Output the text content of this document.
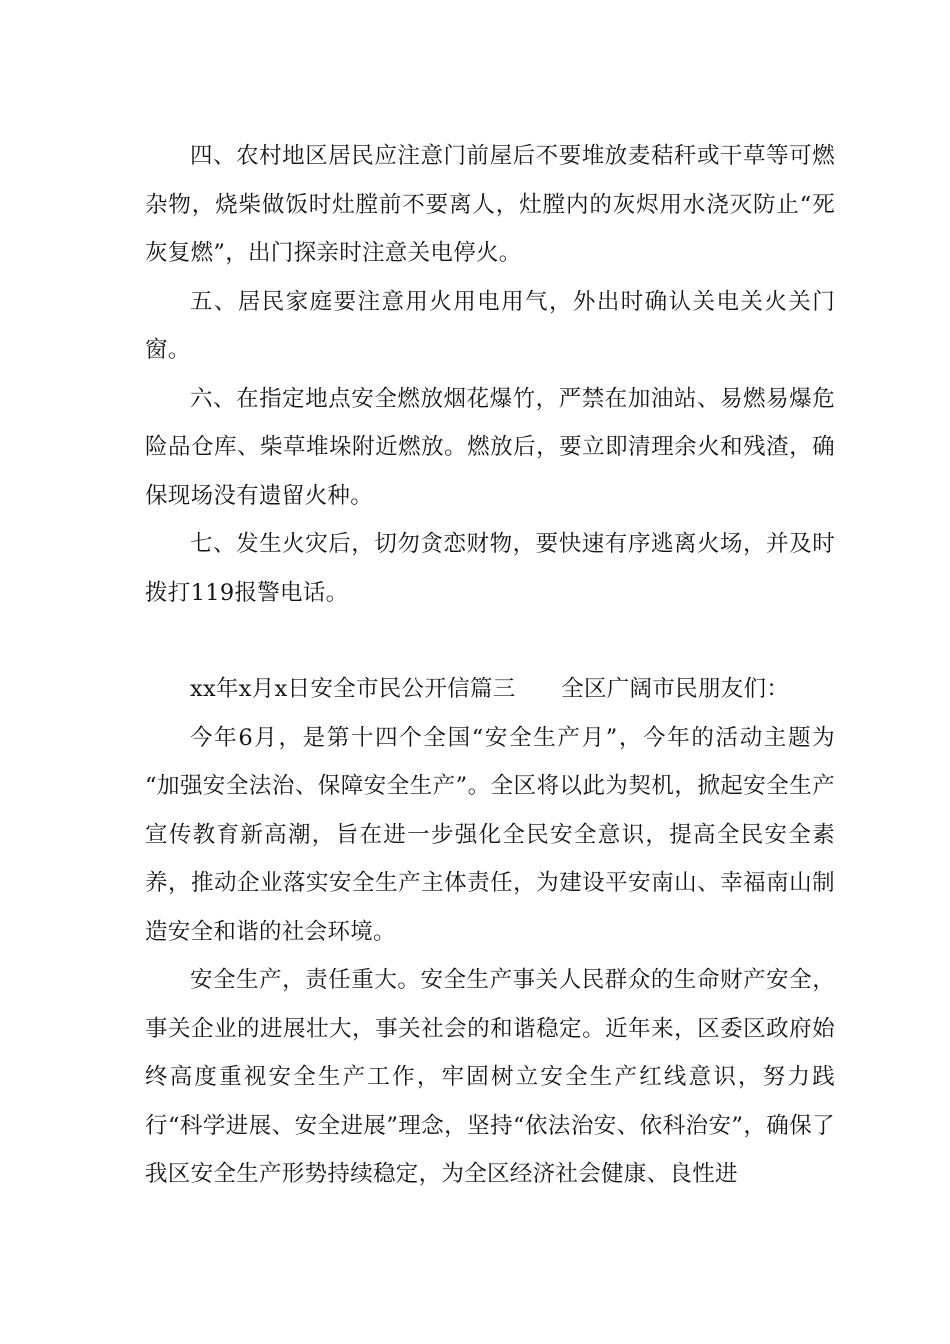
四、农村地区居民应注意门前屋后不要堆放麦秸秆或干草等可燃杂物，烧柴做饭时灶膛前不要离人，灶膛内的灰烬用水浇灭防止“死灰复燃”，出门探亲时注意关电停火。

五、居民家庭要注意用火用电用气，外出时确认关电关火关门窗。

六、在指定地点安全燃放烟花爆竹，严禁在加油站、易燃易爆危险品仓库、柴草堆垛附近燃放。燃放后，要立即清理余火和残渣，确保现场没有遗留火种。

七、发生火灾后，切勿贪恋财物，要快速有序逃离火场，并及时拨打119报警电话。

xx年x月x日安全市民公开信篇三　　全区广阔市民朋友们：

今年6月，是第十四个全国“安全生产月”，今年的活动主题为 “加强安全法治、保障安全生产”。全区将以此为契机，掀起安全生产宣传教育新高潮，旨在进一步强化全民安全意识，提高全民安全素养，推动企业落实安全生产主体责任，为建设平安南山、幸福南山制造安全和谐的社会环境。

安全生产，责任重大。安全生产事关人民群众的生命财产安全，事关企业的进展壮大，事关社会的和谐稳定。近年来，区委区政府始终高度重视安全生产工作，牢固树立安全生产红线意识，努力践行“科学进展、安全进展”理念，坚持“依法治安、依科治安”，确保了我区安全生产形势持续稳定，为全区经济社会健康、良性进
